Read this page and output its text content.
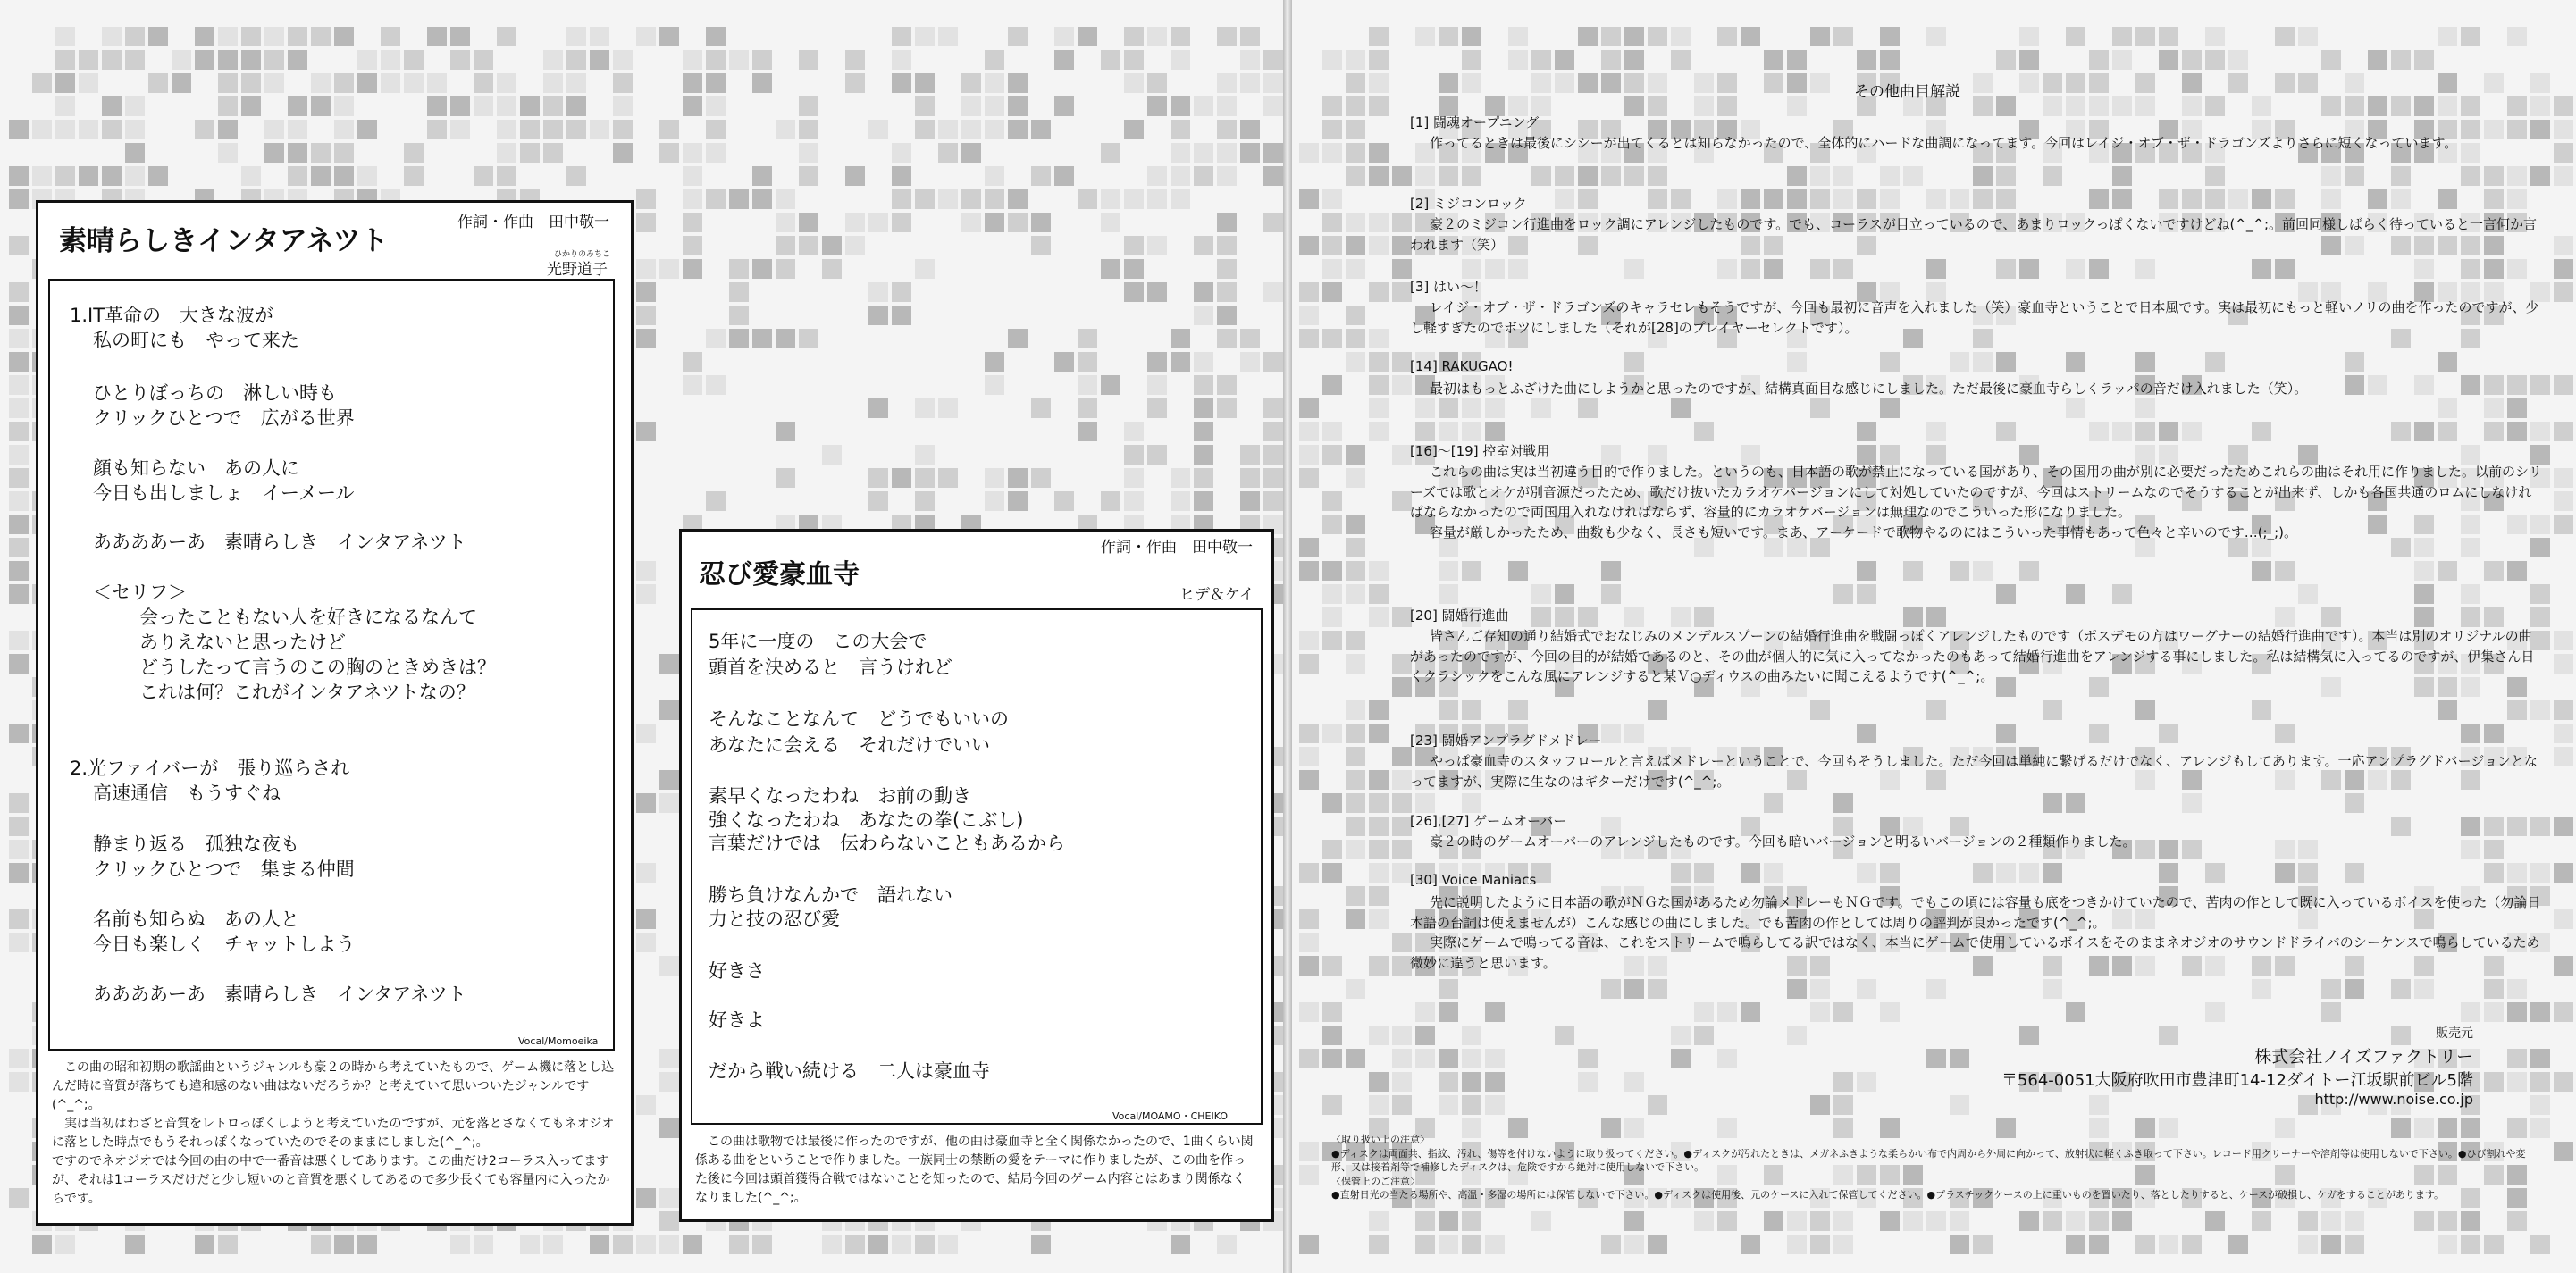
素晴らしきインタアネツト
作詞・作曲　田中敬一
ひかりのみちこ
光野道子
1.IT革命の　大きな波が
私の町にも　やって来た
ひとりぼっちの　淋しい時も
クリックひとつで　広がる世界
顔も知らない　あの人に
今日も出しましょ　イーメール
ああああーあ　素晴らしき　インタアネツト
＜セリフ＞
会ったこともない人を好きになるなんて
ありえないと思ったけど
どうしたって言うのこの胸のときめきは？
これは何？これがインタアネツトなの？
2.光ファイバーが　張り巡らされ
高速通信　もうすぐね
静まり返る　孤独な夜も
クリックひとつで　集まる仲間
名前も知らぬ　あの人と
今日も楽しく　チャットしよう
ああああーあ　素晴らしき　インタアネツト
Vocal/Momoeika

この曲の昭和初期の歌謡曲というジャンルも豪２の時から考えていたもので、ゲーム機に落とし込んだ時に音質が落ちても違和感のない曲はないだろうか？と考えていて思いついたジャンルです(^_^;。

実は当初はわざと音質をレトロっぽくしようと考えていたのですが、元を落とさなくてもネオジオに落とした時点でもうそれっぽくなっていたのでそのままにしました(^_^;。

ですのでネオジオでは今回の曲の中で一番音は悪くしてあります。この曲だけ2コーラス入ってますが、それは1コーラスだけだと少し短いのと音質を悪くしてあるので多少長くても容量内に入ったからです。

忍び愛豪血寺
作詞・作曲　田中敬一
ヒデ＆ケイ
5年に一度の　この大会で
頭首を決めると　言うけれど
そんなことなんて　どうでもいいの
あなたに会える　それだけでいい
素早くなったわね　お前の動き
強くなったわね　あなたの拳(こぶし)
言葉だけでは　伝わらないこともあるから
勝ち負けなんかで　語れない
力と技の忍び愛
好きさ
好きよ
だから戦い続ける　二人は豪血寺
Vocal/MOAMO・CHEIKO
この曲は歌物では最後に作ったのですが、他の曲は豪血寺と全く関係なかったので、1曲くらい関係ある曲をということで作りました。一族同士の禁断の愛をテーマに作りましたが、この曲を作った後に今回は頭首獲得合戦ではないことを知ったので、結局今回のゲーム内容とはあまり関係なくなりました(^_^;。
その他曲目解説
[1] 闘魂オープニング

作ってるときは最後にシシーが出てくるとは知らなかったので、全体的にハードな曲調になってます。今回はレイジ・オブ・ザ・ドラゴンズよりさらに短くなっています。

[2] ミジコンロック

豪２のミジコン行進曲をロック調にアレンジしたものです。でも、コーラスが目立っているので、あまりロックっぽくないですけどね(^_^;。前回同様しばらく待っていると一言何か言われます（笑）

[3] はい～！

レイジ・オブ・ザ・ドラゴンズのキャラセレもそうですが、今回も最初に音声を入れました（笑）豪血寺ということで日本風です。実は最初にもっと軽いノリの曲を作ったのですが、少し軽すぎたのでボツにしました（それが[28]のプレイヤーセレクトです）。

[14] RAKUGAO!

最初はもっとふざけた曲にしようかと思ったのですが、結構真面目な感じにしました。ただ最後に豪血寺らしくラッパの音だけ入れました（笑）。

[16]～[19] 控室対戦用

これらの曲は実は当初違う目的で作りました。というのも、日本語の歌が禁止になっている国があり、その国用の曲が別に必要だったためこれらの曲はそれ用に作りました。以前のシリーズでは歌とオケが別音源だったため、歌だけ抜いたカラオケバージョンにして対処していたのですが、今回はストリームなのでそうすることが出来ず、しかも各国共通のロムにしなければならなかったので両国用入れなければならず、容量的にカラオケバージョンは無理なのでこういった形になりました。

容量が厳しかったため、曲数も少なく、長さも短いです。まあ、アーケードで歌物やるのにはこういった事情もあって色々と辛いのです…(;_;)。

[20] 闘婚行進曲

皆さんご存知の通り結婚式でおなじみのメンデルスゾーンの結婚行進曲を戦闘っぽくアレンジしたものです（ポスデモの方はワーグナーの結婚行進曲です）。本当は別のオリジナルの曲があったのですが、今回の目的が結婚であるのと、その曲が個人的に気に入ってなかったのもあって結婚行進曲をアレンジする事にしました。私は結構気に入ってるのですが、伊集さん日くクラシックをこんな風にアレンジすると某Ｖ○ディウスの曲みたいに聞こえるようです(^_^;。

[23] 闘婚アンプラグドメドレー

やっぱ豪血寺のスタッフロールと言えばメドレーということで、今回もそうしました。ただ今回は単純に繋げるだけでなく、アレンジもしてあります。一応アンプラグドバージョンとなってますが、実際に生なのはギターだけです(^_^;。

[26],[27] ゲームオーバー

豪２の時のゲームオーバーのアレンジしたものです。今回も暗いバージョンと明るいバージョンの２種類作りました。

[30] Voice Maniacs

先に説明したように日本語の歌がＮＧな国があるため勿論メドレーもＮＧです。でもこの頃には容量も底をつきかけていたので、苦肉の作として既に入っているボイスを使った（勿論日本語の台詞は使えませんが）こんな感じの曲にしました。でも苦肉の作としては周りの評判が良かったです(^_^;。

実際にゲームで鳴ってる音は、これをストリームで鳴らしてる訳ではなく、本当にゲームで使用しているボイスをそのままネオジオのサウンドドライバのシーケンスで鳴らしているため微妙に違うと思います。

販売元
株式会社ノイズファクトリー
〒564-0051大阪府吹田市豊津町14-12ダイトー江坂駅前ビル5階
http://www.noise.co.jp

〈取り扱い上の注意〉

●ディスクは両面共、指紋、汚れ、傷等を付けないように取り扱ってください。●ディスクが汚れたときは、メガネふきような柔らかい布で内周から外周に向かって、放射状に軽くふき取って下さい。レコード用クリーナーや溶剤等は使用しないで下さい。●ひび割れや変形、又は接着剤等で補修したディスクは、危険ですから絶対に使用しないで下さい。

〈保管上のご注意〉

●直射日光の当たる場所や、高温・多湿の場所には保管しないで下さい。●ディスクは使用後、元のケースに入れて保管してください。●プラスチックケースの上に重いものを置いたり、落としたりすると、ケースが破損し、ケガをすることがあります。
